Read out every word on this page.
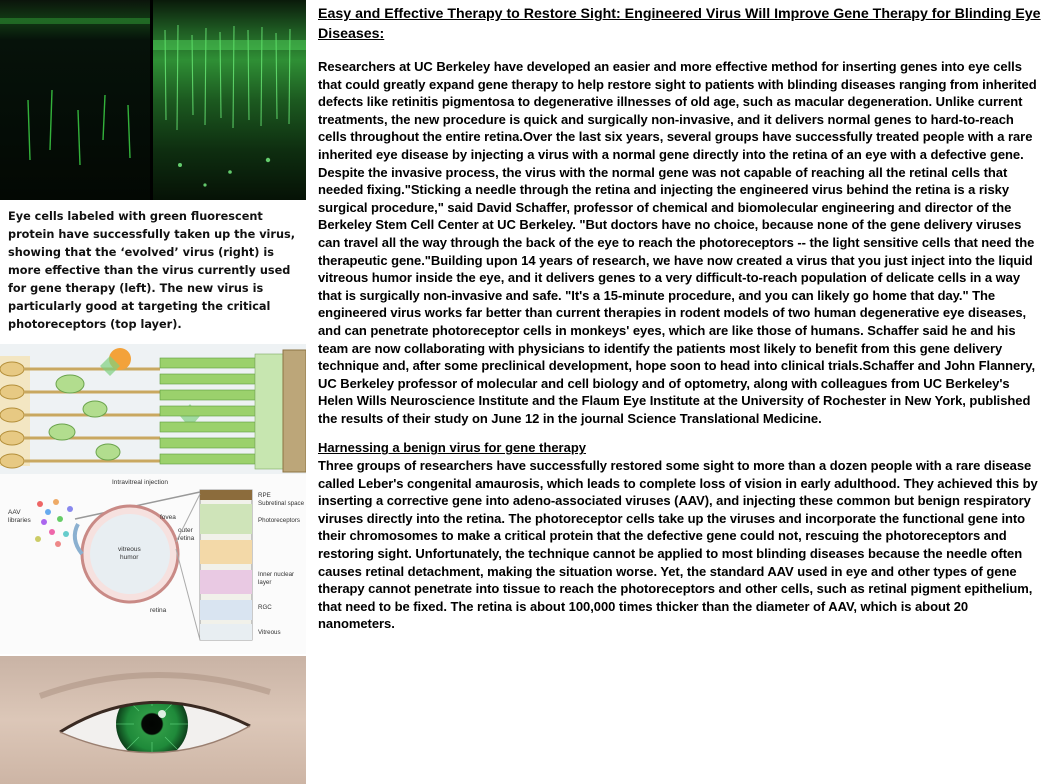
Eye cells labeled with green fluorescent protein have successfully taken up the virus, showing that the ‘evolved’ virus (right) is more effective than the virus currently used for gene therapy (left). The new virus is particularly good at targeting the critical photoreceptors (top layer).
Intravitreal injection
AAV
libraries
vitreous
humor
fovea
retina
outer
retina
RPE
Subretinal space
Photoreceptors
Inner nuclear
layer
RGC
Vitreous

Easy and Effective Therapy to Restore Sight: Engineered Virus Will Improve Gene Therapy for Blinding Eye Diseases:

Researchers at UC Berkeley have developed an easier and more effective method for inserting genes into eye cells that could greatly expand gene therapy to help restore sight to patients with blinding diseases ranging from inherited defects like retinitis pigmentosa to degenerative illnesses of old age, such as macular degeneration. Unlike current treatments, the new procedure is quick and surgically non-invasive, and it delivers normal genes to hard-to-reach cells throughout the entire retina.Over the last six years, several groups have successfully treated people with a rare inherited eye disease by injecting a virus with a normal gene directly into the retina of an eye with a defective gene. Despite the invasive process, the virus with the normal gene was not capable of reaching all the retinal cells that needed fixing."Sticking a needle through the retina and injecting the engineered virus behind the retina is a risky surgical procedure," said David Schaffer, professor of chemical and biomolecular engineering and director of the Berkeley Stem Cell Center at UC Berkeley. "But doctors have no choice, because none of the gene delivery viruses can travel all the way through the back of the eye to reach the photoreceptors -- the light sensitive cells that need the therapeutic gene."Building upon 14 years of research, we have now created a virus that you just inject into the liquid vitreous humor inside the eye, and it delivers genes to a very difficult-to-reach population of delicate cells in a way that is surgically non-invasive and safe. "It's a 15-minute procedure, and you can likely go home that day." The engineered virus works far better than current therapies in rodent models of two human degenerative eye diseases, and can penetrate photoreceptor cells in monkeys' eyes, which are like those of humans. Schaffer said he and his team are now collaborating with physicians to identify the patients most likely to benefit from this gene delivery technique and, after some preclinical development, hope soon to head into clinical trials.Schaffer and John Flannery, UC Berkeley professor of molecular and cell biology and of optometry, along with colleagues from UC Berkeley's Helen Wills Neuroscience Institute and the Flaum Eye Institute at the University of Rochester in New York, published the results of their study on June 12 in the journal Science Translational Medicine.

Harnessing a benign virus for gene therapy

Three groups of researchers have successfully restored some sight to more than a dozen people with a rare disease called Leber's congenital amaurosis, which leads to complete loss of vision in early adulthood. They achieved this by inserting a corrective gene into adeno-associated viruses (AAV), and injecting these common but benign respiratory viruses directly into the retina. The photoreceptor cells take up the viruses and incorporate the functional gene into their chromosomes to make a critical protein that the defective gene could not, rescuing the photoreceptors and restoring sight. Unfortunately, the technique cannot be applied to most blinding diseases because the needle often causes retinal detachment, making the situation worse. Yet, the standard AAV used in eye and other types of gene therapy cannot penetrate into tissue to reach the photoreceptors and other cells, such as retinal pigment epithelium, that need to be fixed. The retina is about 100,000 times thicker than the diameter of AAV, which is about 20 nanometers.
